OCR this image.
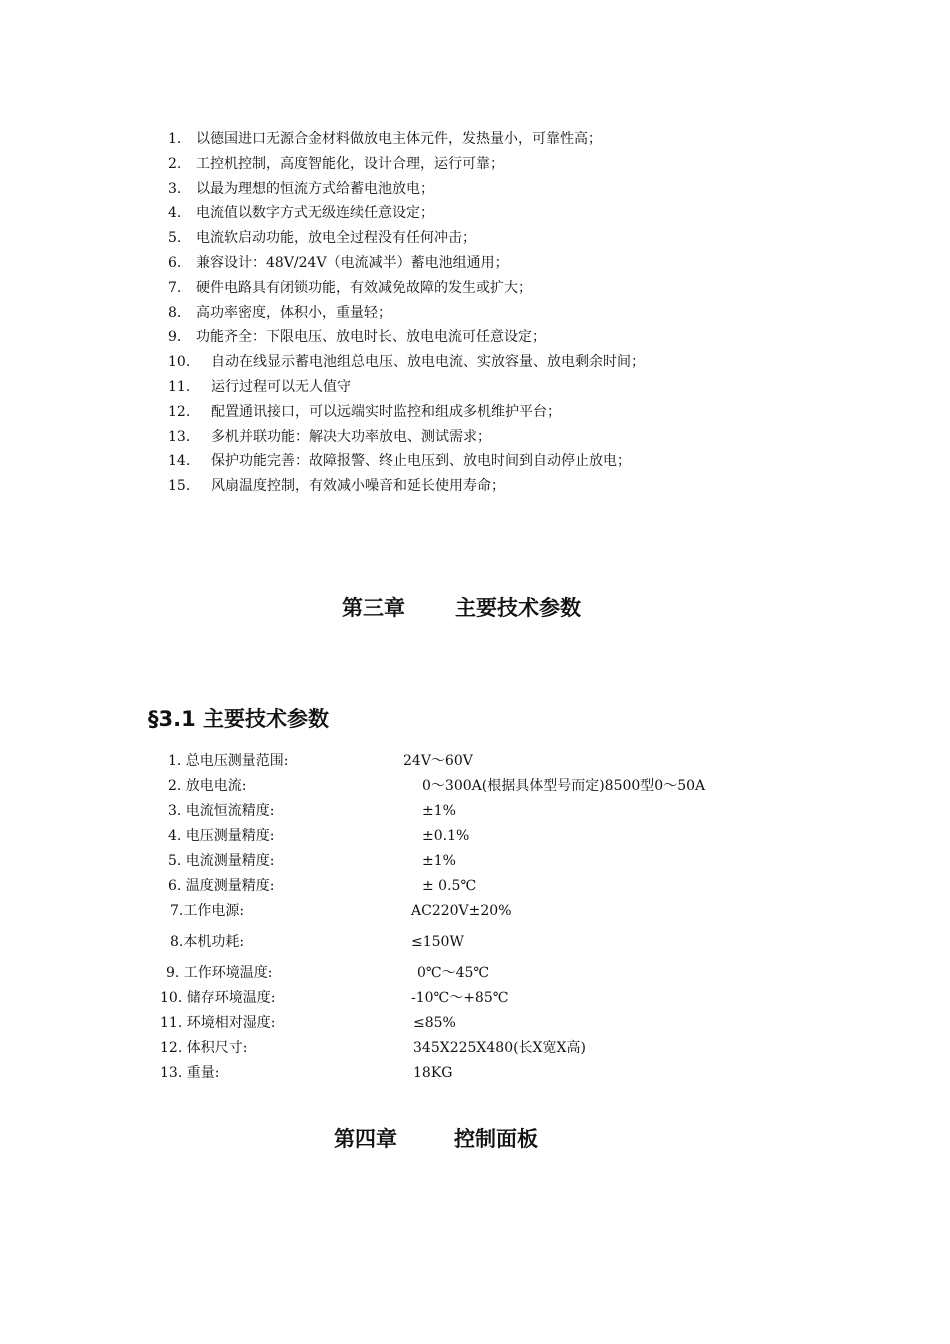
1. 以德国进口无源合金材料做放电主体元件，发热量小，可靠性高；
2. 工控机控制，高度智能化，设计合理，运行可靠；
3. 以最为理想的恒流方式给蓄电池放电；
4. 电流值以数字方式无级连续任意设定；
5. 电流软启动功能，放电全过程没有任何冲击；
6. 兼容设计：48V/24V（电流减半）蓄电池组通用；
7. 硬件电路具有闭锁功能，有效减免故障的发生或扩大；
8. 高功率密度，体积小，重量轻；
9. 功能齐全：下限电压、放电时长、放电电流可任意设定；
10. 自动在线显示蓄电池组总电压、放电电流、实放容量、放电剩余时间；
11. 运行过程可以无人值守
12. 配置通讯接口，可以远端实时监控和组成多机维护平台；
13. 多机并联功能：解决大功率放电、测试需求；
14. 保护功能完善：故障报警、终止电压到、放电时间到自动停止放电；
15. 风扇温度控制，有效减小噪音和延长使用寿命；
第三章 主要技术参数
§3.1 主要技术参数
1. 总电压测量范围:	24V～60V
2. 放电电流:	0～300A(根据具体型号而定)8500型0～50A
3. 电流恒流精度:	±1%
4. 电压测量精度:	±0.1%
5. 电流测量精度:	±1%
6. 温度测量精度:	± 0.5℃
7.工作电源:	AC220V±20%
8.本机功耗:	≤150W
9. 工作环境温度:	0℃～45℃
10. 储存环境温度:	-10℃～+85℃
11. 环境相对湿度:	≤85%
12. 体积尺寸:	345X225X480(长X宽X高)
13. 重量:	18KG
第四章	控制面板
